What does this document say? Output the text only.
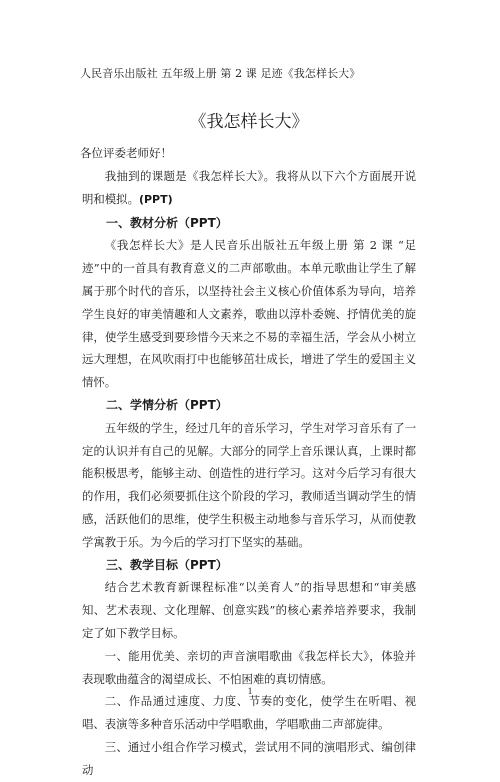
人民音乐出版社 五年级上册 第 2 课 足迹《我怎样长大》
《我怎样长大》
各位评委老师好！

我抽到的课题是《我怎样长大》。我将从以下六个方面展开说明和模拟。(PPT)

一、教材分析（PPT）

《我怎样长大》是人民音乐出版社五年级上册 第 2 课 “足迹”中的一首具有教育意义的二声部歌曲。本单元歌曲让学生了解属于那个时代的音乐，以坚持社会主义核心价值体系为导向，培养学生良好的审美情趣和人文素养，歌曲以淳朴委婉、抒情优美的旋律，使学生感受到要珍惜今天来之不易的幸福生活，学会从小树立远大理想，在风吹雨打中也能够茁壮成长，增进了学生的爱国主义情怀。

二、学情分析（PPT）

五年级的学生，经过几年的音乐学习，学生对学习音乐有了一定的认识并有自己的见解。大部分的同学上音乐课认真，上课时都能积极思考，能够主动、创造性的进行学习。这对今后学习有很大的作用，我们必须要抓住这个阶段的学习，教师适当调动学生的情感，活跃他们的思维，使学生积极主动地参与音乐学习，从而使教学寓教于乐。为今后的学习打下坚实的基础。

三、教学目标（PPT）

结合艺术教育新课程标准“以美育人”的指导思想和“审美感知、艺术表现、文化理解、创意实践”的核心素养培养要求，我制定了如下教学目标。

一、能用优美、亲切的声音演唱歌曲《我怎样长大》，体验并表现歌曲蕴含的渴望成长、不怕困难的真切情感。

二、作品通过速度、力度、节奏的变化，使学生在听唱、视唱、表演等多种音乐活动中学唱歌曲，学唱歌曲二声部旋律。

三、通过小组合作学习模式，尝试用不同的演唱形式、编创律动

1
